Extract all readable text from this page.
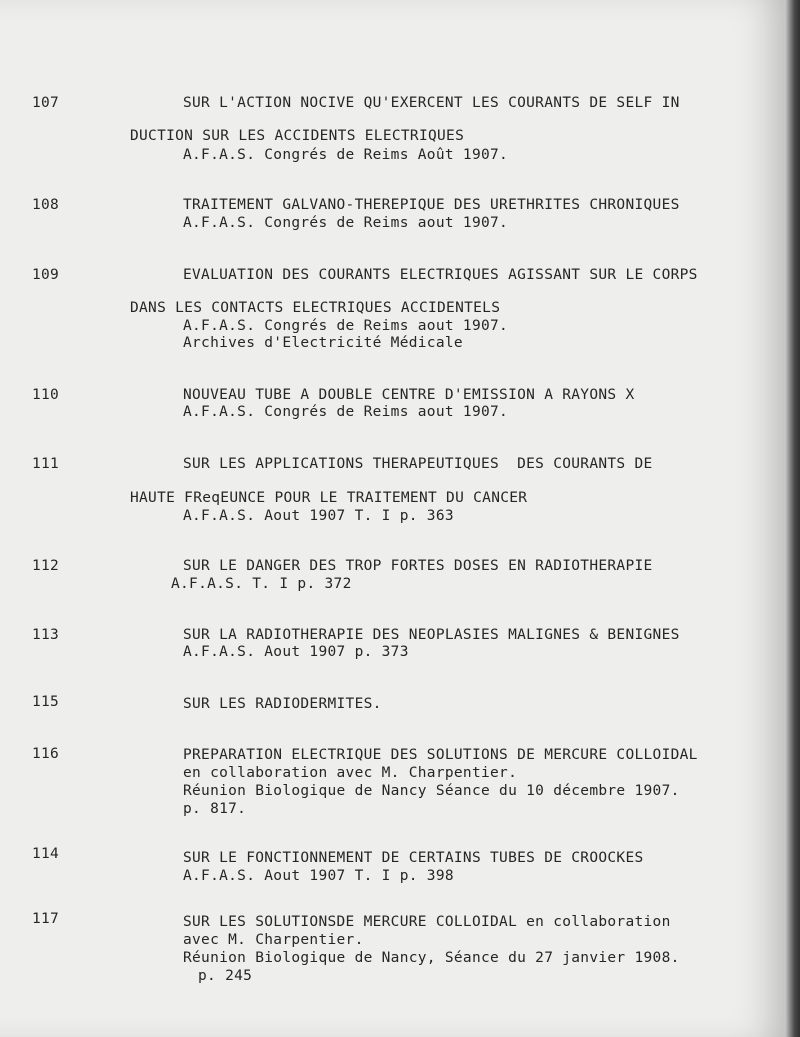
107	SUR L'ACTION NOCIVE QU'EXERCENT LES COURANTS DE SELF IN
DUCTION SUR LES ACCIDENTS ELECTRIQUES
A.F.A.S. Congrés de Reims Août 1907.
108	TRAITEMENT GALVANO-THEREPIQUE DES URETHRITES CHRONIQUES
A.F.A.S. Congrés de Reims aout 1907.
109	EVALUATION DES COURANTS ELECTRIQUES AGISSANT SUR LE CORPS
DANS LES CONTACTS ELECTRIQUES ACCIDENTELS
A.F.A.S. Congrés de Reims aout 1907.
Archives d'Electricité Médicale
110	NOUVEAU TUBE A DOUBLE CENTRE D'EMISSION A RAYONS X
A.F.A.S. Congrés de Reims aout 1907.
111	SUR LES APPLICATIONS THERAPEUTIQUES  DES COURANTS DE
HAUTE FReqEUNCE POUR LE TRAITEMENT DU CANCER
A.F.A.S. Aout 1907 T. I p. 363
112	SUR LE DANGER DES TROP FORTES DOSES EN RADIOTHERAPIE
A.F.A.S. T. I p. 372
113	SUR LA RADIOTHERAPIE DES NEOPLASIES MALIGNES & BENIGNES
A.F.A.S. Aout 1907 p. 373
115	SUR LES RADIODERMITES.
116	PREPARATION ELECTRIQUE DES SOLUTIONS DE MERCURE COLLOIDAL
en collaboration avec M. Charpentier.
Réunion Biologique de Nancy Séance du 10 décembre 1907.
p. 817.
114	SUR LE FONCTIONNEMENT DE CERTAINS TUBES DE CROOCKES
A.F.A.S. Aout 1907 T. I p. 398
117	SUR LES SOLUTIONSDE MERCURE COLLOIDAL en collaboration
avec M. Charpentier.
Réunion Biologique de Nancy, Séance du 27 janvier 1908.
p. 245
